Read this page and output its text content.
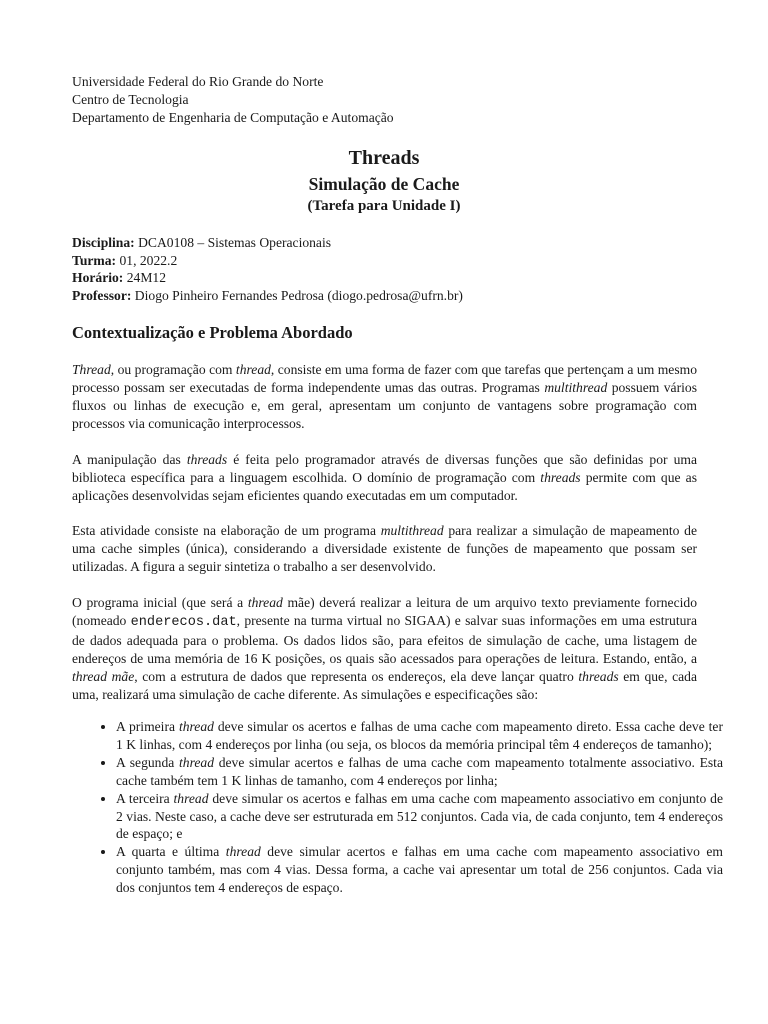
Universidade Federal do Rio Grande do Norte
Centro de Tecnologia
Departamento de Engenharia de Computação e Automação
Threads
Simulação de Cache
(Tarefa para Unidade I)
Disciplina: DCA0108 – Sistemas Operacionais
Turma: 01, 2022.2
Horário: 24M12
Professor: Diogo Pinheiro Fernandes Pedrosa (diogo.pedrosa@ufrn.br)
Contextualização e Problema Abordado
Thread, ou programação com thread, consiste em uma forma de fazer com que tarefas que pertençam a um mesmo processo possam ser executadas de forma independente umas das outras. Programas multithread possuem vários fluxos ou linhas de execução e, em geral, apresentam um conjunto de vantagens sobre programação com processos via comunicação interprocessos.
A manipulação das threads é feita pelo programador através de diversas funções que são definidas por uma biblioteca específica para a linguagem escolhida. O domínio de programação com threads permite com que as aplicações desenvolvidas sejam eficientes quando executadas em um computador.
Esta atividade consiste na elaboração de um programa multithread para realizar a simulação de mapeamento de uma cache simples (única), considerando a diversidade existente de funções de mapeamento que possam ser utilizadas. A figura a seguir sintetiza o trabalho a ser desenvolvido.
O programa inicial (que será a thread mãe) deverá realizar a leitura de um arquivo texto previamente fornecido (nomeado enderecos.dat, presente na turma virtual no SIGAA) e salvar suas informações em uma estrutura de dados adequada para o problema. Os dados lidos são, para efeitos de simulação de cache, uma listagem de endereços de uma memória de 16 K posições, os quais são acessados para operações de leitura. Estando, então, a thread mãe, com a estrutura de dados que representa os endereços, ela deve lançar quatro threads em que, cada uma, realizará uma simulação de cache diferente. As simulações e especificações são:
• A primeira thread deve simular os acertos e falhas de uma cache com mapeamento direto. Essa cache deve ter 1 K linhas, com 4 endereços por linha (ou seja, os blocos da memória principal têm 4 endereços de tamanho);
• A segunda thread deve simular acertos e falhas de uma cache com mapeamento totalmente associativo. Esta cache também tem 1 K linhas de tamanho, com 4 endereços por linha;
• A terceira thread deve simular os acertos e falhas em uma cache com mapeamento associativo em conjunto de 2 vias. Neste caso, a cache deve ser estruturada em 512 conjuntos. Cada via, de cada conjunto, tem 4 endereços de espaço; e
• A quarta e última thread deve simular acertos e falhas em uma cache com mapeamento associativo em conjunto também, mas com 4 vias. Dessa forma, a cache vai apresentar um total de 256 conjuntos. Cada via dos conjuntos tem 4 endereços de espaço.
